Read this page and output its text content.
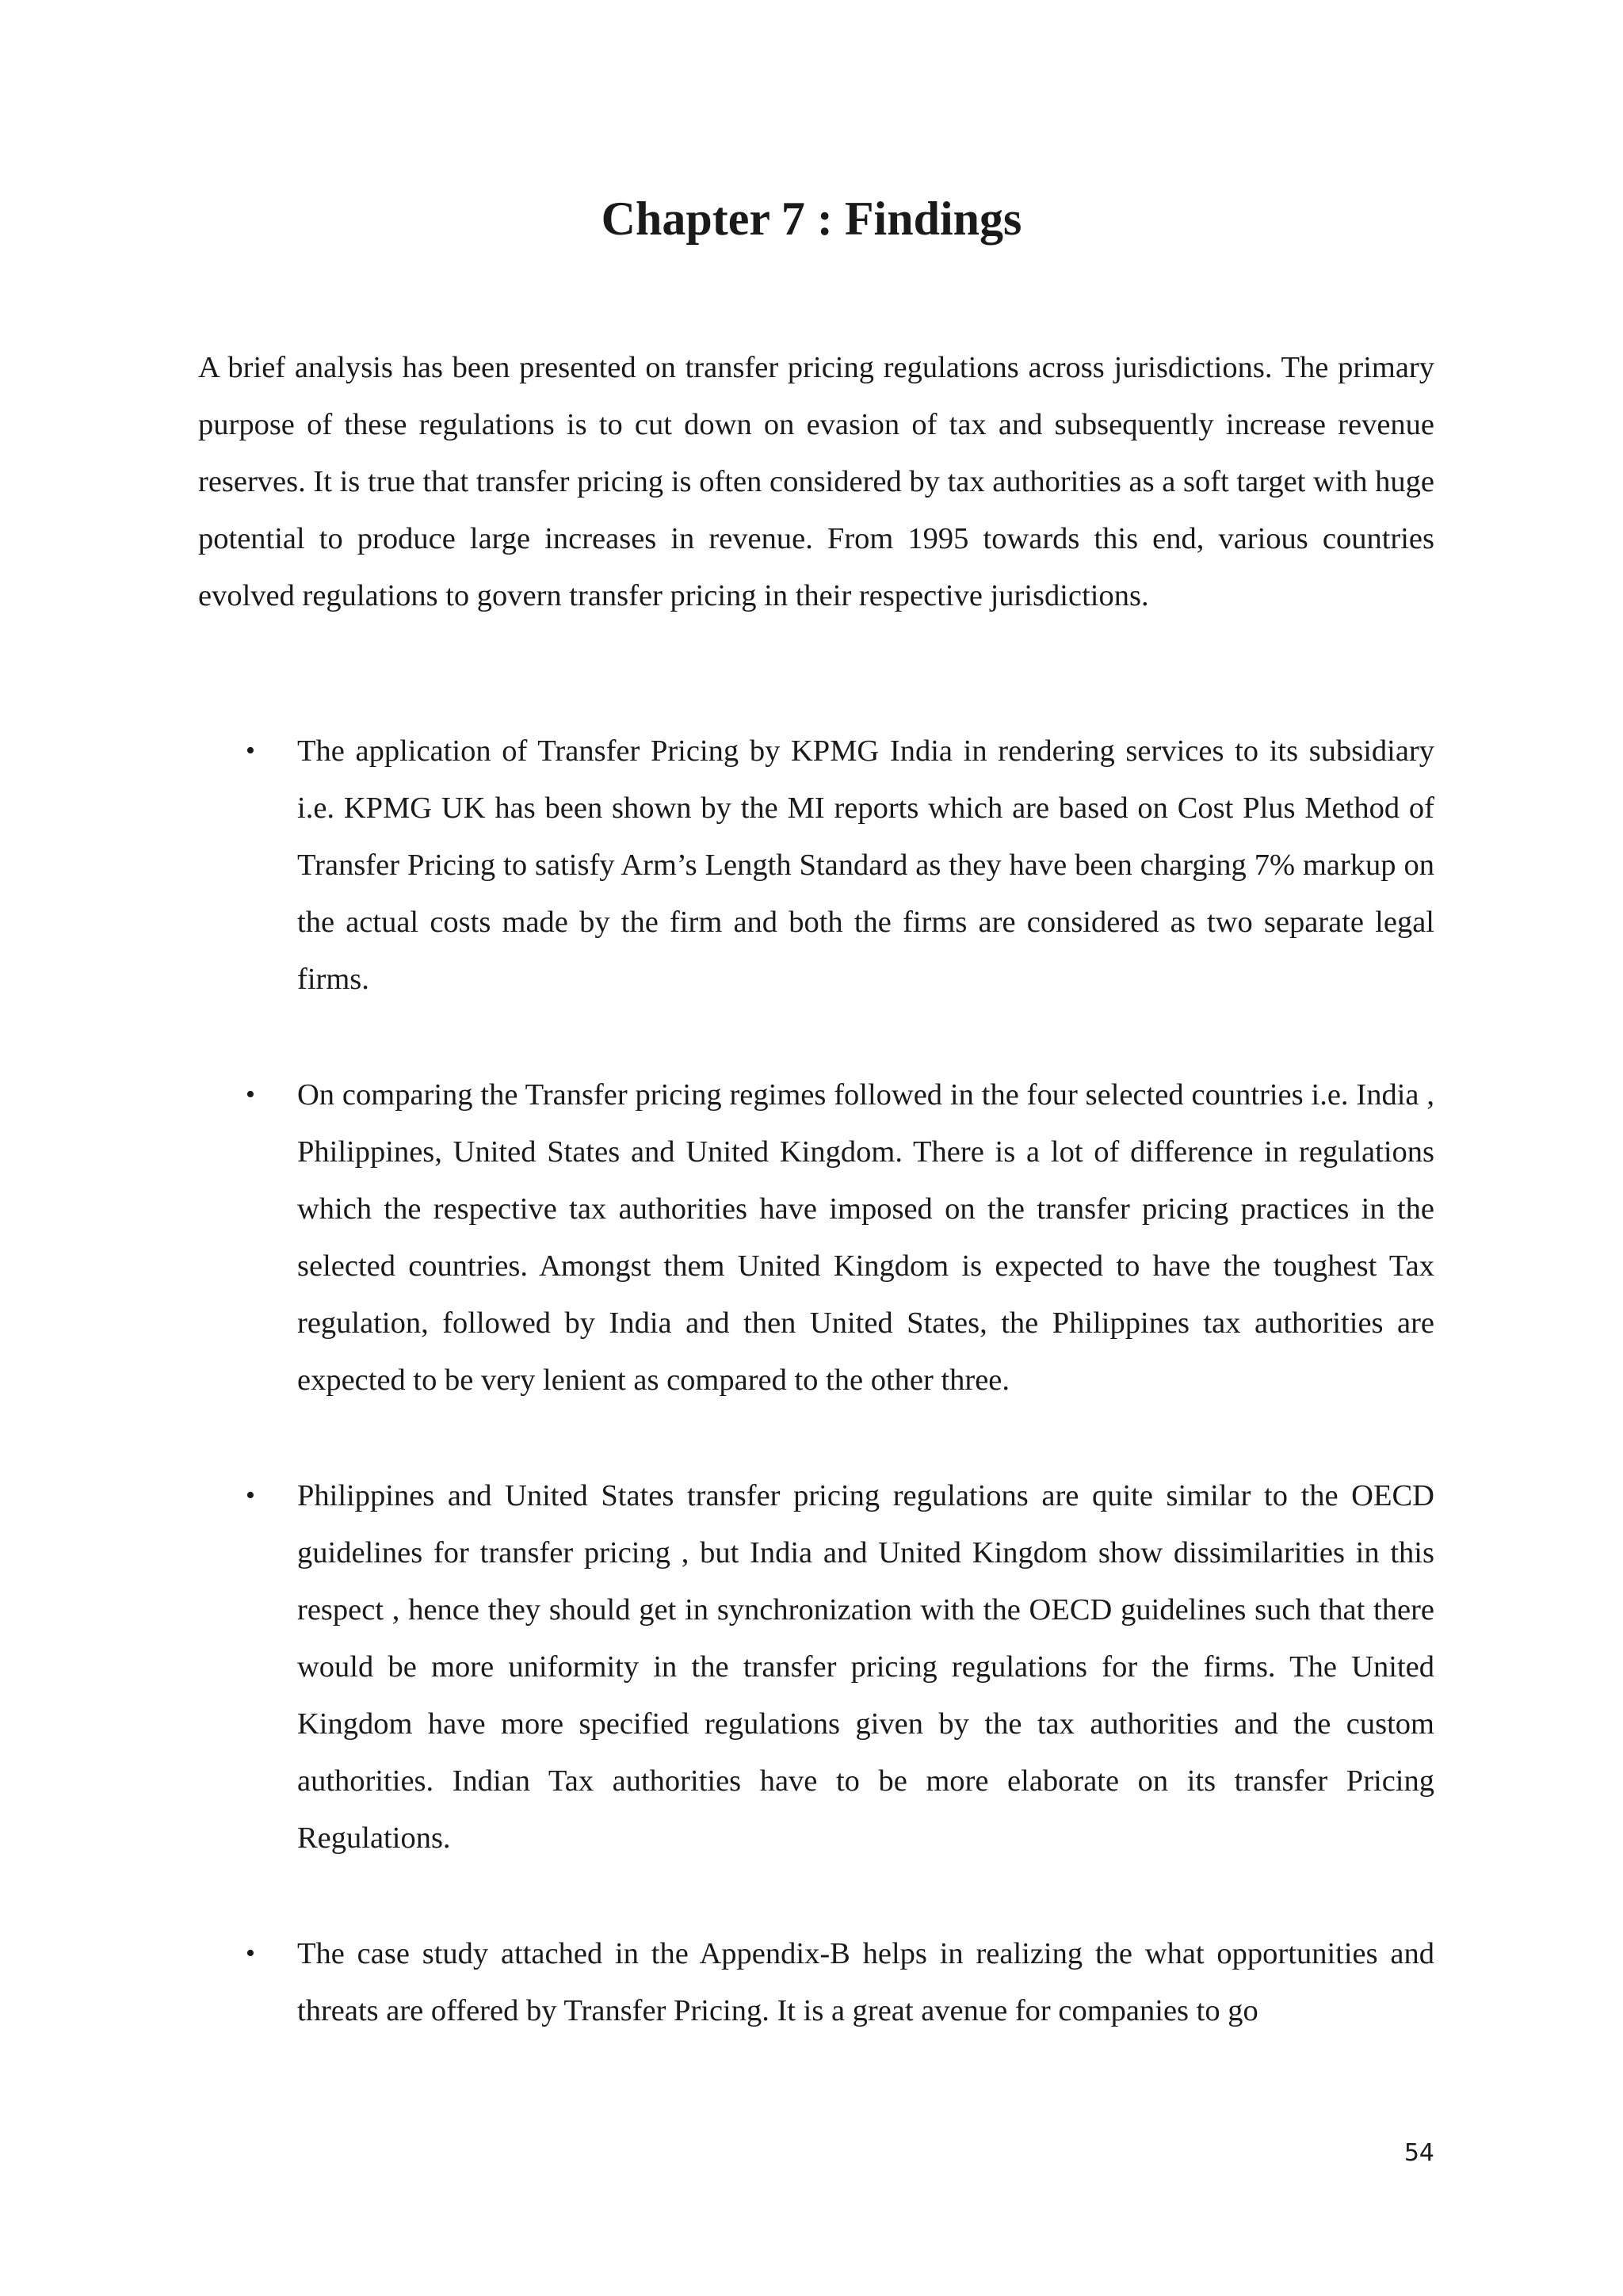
Chapter 7 : Findings

A brief analysis has been presented on transfer pricing regulations across jurisdictions. The primary purpose of these regulations is to cut down on evasion of tax and subsequently increase revenue reserves. It is true that transfer pricing is often considered by tax authorities as a soft target with huge potential to produce large increases in revenue. From 1995 towards this end, various countries evolved regulations to govern transfer pricing in their respective jurisdictions.

• The application of Transfer Pricing by KPMG India in rendering services to its subsidiary i.e. KPMG UK has been shown by the MI reports which are based on Cost Plus Method of Transfer Pricing to satisfy Arm’s Length Standard as they have been charging 7% markup on the actual costs made by the firm and both the firms are considered as two separate legal firms.
• On comparing the Transfer pricing regimes followed in the four selected countries i.e. India , Philippines, United States and United Kingdom. There is a lot of difference in regulations which the respective tax authorities have imposed on the transfer pricing practices in the selected countries. Amongst them United Kingdom is expected to have the toughest Tax regulation, followed by India and then United States, the Philippines tax authorities are expected to be very lenient as compared to the other three.
• Philippines and United States transfer pricing regulations are quite similar to the OECD guidelines for transfer pricing , but India and United Kingdom show dissimilarities in this respect , hence they should get in synchronization with the OECD guidelines such that there would be more uniformity in the transfer pricing regulations for the firms. The United Kingdom have more specified regulations given by the tax authorities and the custom authorities. Indian Tax authorities have to be more elaborate on its transfer Pricing Regulations.
• The case study attached in the Appendix-B helps in realizing the what opportunities and threats are offered by Transfer Pricing. It is a great avenue for companies to go
54
